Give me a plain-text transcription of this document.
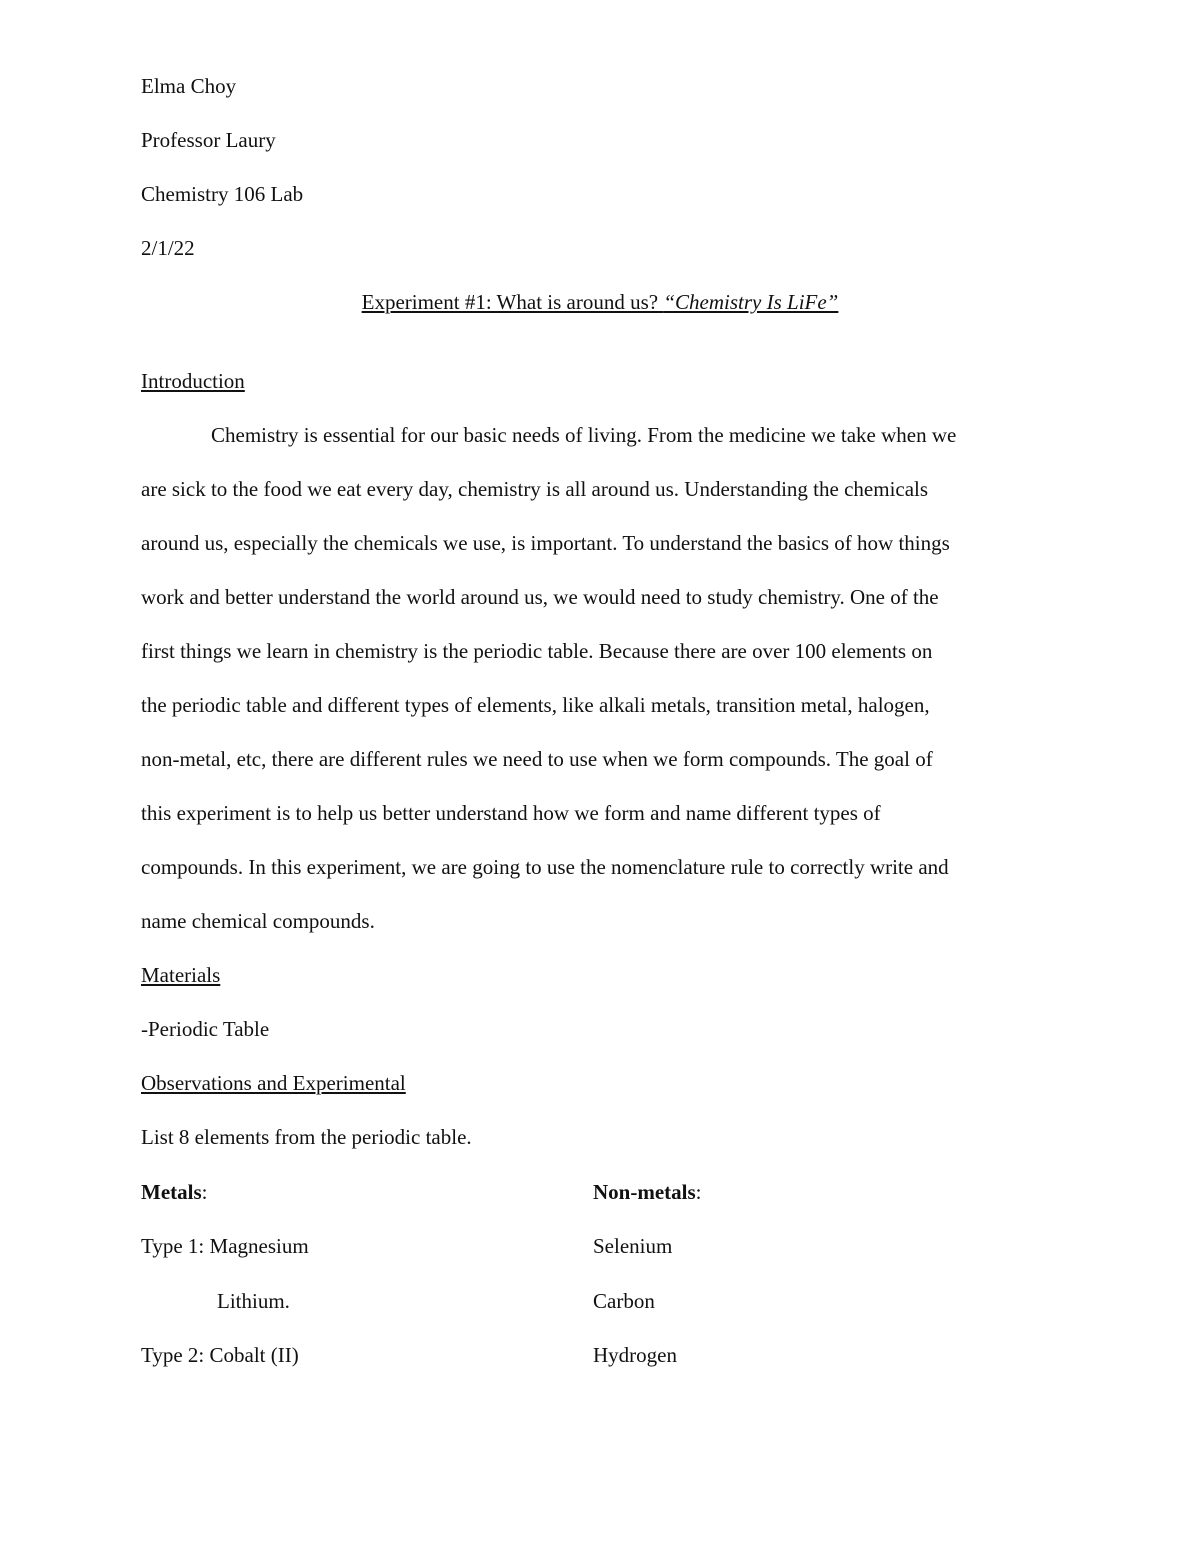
Elma Choy
Professor Laury
Chemistry 106 Lab
2/1/22
Experiment #1: What is around us? “Chemistry Is LiFe”
Introduction
Chemistry is essential for our basic needs of living. From the medicine we take when we
are sick to the food we eat every day, chemistry is all around us. Understanding the chemicals
around us, especially the chemicals we use, is important. To understand the basics of how things
work and better understand the world around us, we would need to study chemistry. One of the
first things we learn in chemistry is the periodic table. Because there are over 100 elements on
the periodic table and different types of elements, like alkali metals, transition metal, halogen,
non-metal, etc, there are different rules we need to use when we form compounds. The goal of
this experiment is to help us better understand how we form and name different types of
compounds. In this experiment, we are going to use the nomenclature rule to correctly write and
name chemical compounds.
Materials
-Periodic Table
Observations and Experimental
List 8 elements from the periodic table.
Metals:	Non-metals:
Type 1: Magnesium	Selenium
Lithium.	Carbon
Type 2: Cobalt (II)	Hydrogen
